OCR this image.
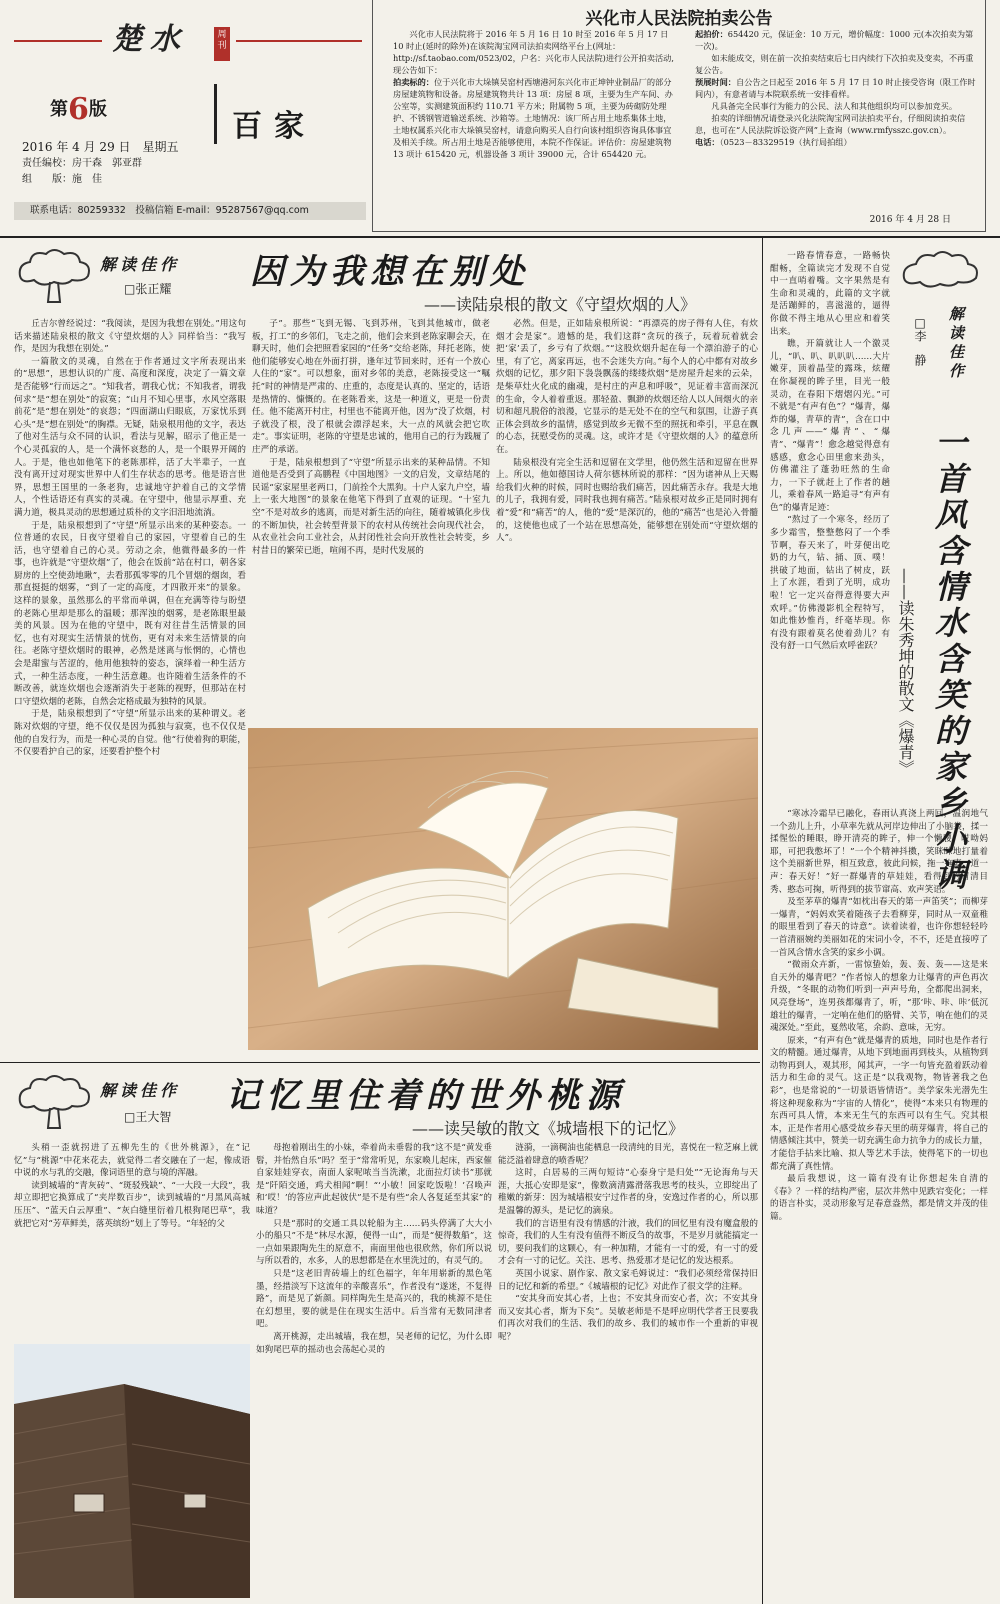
楚水	周刊
第6版	百家
2016 年 4 月 29 日　星期五
责任编校：房干森　郭亚群
组　　版：施　佳
联系电话：80259332　投稿信箱 E-mail：95287567@qq.com
兴化市人民法院拍卖公告
兴化市人民法院将于 2016 年 5 月 16 日 10 时至 2016 年 5 月 17 日 10 时止(延时的除外)在该院淘宝网司法拍卖网络平台上(网址：http://sf.taobao.com/0523/02，户名：兴化市人民法院)进行公开拍卖活动,现公告如下：
拍卖标的：位于兴化市大垛镇吴窑村西塘港河东兴化市正坤钟业制品厂的部分房屋建筑物和设备。房屋建筑物共计 13 项：房屋 8 项，主要为生产车间、办公室等，实测建筑面积约 110.71 平方米；附属物 5 项，主要为砖砌防处理护、不锈钢管道输送系统、沙箱等。土地情况：该厂所占用土地系集体土地，土地权属系兴化市大垛镇吴窑村，请意向购买人自行向该村组织咨询具体事宜及相关手续。所占用土地是否能够使用，本院不作保证。评估价：房屋建筑物 13 项计 615420 元，机器设备 3 项计 39000 元，合计 654420 元。
起拍价：654420 元，保证金：10 万元，增价幅度：1000 元(本次拍卖为第一次)。
如未能成交，则在前一次拍卖结束后七日内续行下次拍卖及变卖，不再重复公告。
预展时间：自公告之日起至 2016 年 5 月 17 日 10 时止接受咨询（限工作时间内），有意者请与本院联系统一安排看样。
凡具备完全民事行为能力的公民、法人和其他组织均可以参加竞买。
拍卖的详细情况请登录兴化法院淘宝网司法拍卖平台，仔细阅读拍卖信息，也可在“人民法院诉讼资产网”上查询（www.rmfysszc.gov.cn）。
电话：（0523－83329519（执行局拍组）
2016 年 4 月 28 日
解读佳作
□张正耀 因为我想在别处
——读陆泉根的散文《守望炊烟的人》

丘吉尔曾经说过：“我阅读，是因为我想在别处。”用这句话来描述陆泉根的散文《守望炊烟的人》同样恰当：“我写作，是因为我想在别处。”

一篇散文的灵魂，自然在于作者通过文字所表现出来的“思想”，思想认识的广度、高度和深度，决定了一篇文章是否能够“行而远之”。“知我者，谓我心忧；不知我者，谓我何求”是“想在别处”的寂寞；“山月不知心里事，水风空落眼前花”是“想在别处”的哀怨；“四面湖山归眼底，万家忧乐到心头”是“想在别处”的胸襟。无疑，陆泉根用他的文字，表达了他对生活与众不同的认识，看法与见解，昭示了他正是一个心灵孤寂的人，是一个满怀哀愁的人，是一个眼界开阔的人。于是，他也如他笔下的老陈那样，活了大半辈子，一直没有离开过对现实世界中人们生存状态的思考。他是语言世界，思想王国里的一条老狗，忠诚地守护着自己的文学情人，个性话语还有真实的灵魂。在守望中，他显示厚重、充满力道，极具灵动的思想通过质朴的文字汨汨地流淌。

于是，陆泉根想到了“守望”所显示出来的某种姿态。一位普通的农民，日夜守望着自己的家园，守望着自己的生活，也守望着自己的心灵。劳动之余，他微得最多的一件事，也许就是“守望炊烟”了，他会在饭前“站在村口，朝各家厨房的上空使劲地瞅”，去看那孤零零的几个冒烟的烟囱，看那直挺挺的烟雾，“到了一定的高度，才四散开来”的景象。这样的景象，虽然那么的平常而单调，但在充满等待与盼望的老陈心里却是那么的温暖；那浑浊的烟雾，是老陈眼里最美的风景。因为在他的守望中，既有对往昔生活情景的回忆，也有对现实生活情景的忧伤，更有对未来生活情景的向往。老陈守望炊烟时的眼神，必然是迷离与怅惘的，心情也会是甜蜜与苦涩的，他用他独特的姿态，演绎着一种生活方式，一种生活态度，一种生活意趣。也许随着生活条件的不断改善，就连炊烟也会逐渐消失于老陈的视野，但那站在村口守望炊烟的老陈，自然会定格成最为独特的风景。

于是，陆泉根想到了“守望”所显示出来的某种谓义。老陈对炊烟的守望，绝不仅仅是因为孤独与寂寞，也不仅仅是他的自发行为，而是一种心灵的自觉。他“行使着狗的职能，不仅要看护自己的家，还要看护整个村

子”。那些“飞到无锡、飞到苏州，飞到其他城市，做老板，打工”的乡邻们，飞走之前，他们会来到老陈家聊会天，在聊天时，他们会把照看家园的“任务”交给老陈，拜托老陈，使他们能够安心地在外面打拼，逢年过节回来时，还有一个放心人住的“家”。可以想象，面对乡邻的美意，老陈接受这一“嘱托”时的神情是严肃的、庄重的，态度是认真的、坚定的，话语是热情的、慷慨的。在老陈看来，这是一种道义，更是一份责任。他不能离开村庄，村里也不能离开他，因为“没了炊烟，村子就没了根，没了根就会漂浮起来，大一点的风就会把它吹走”。事实证明，老陈的守望是忠诚的，他用自己的行为践履了庄严的承诺。

于是，陆泉根想到了“守望”所显示出来的某种品情。不知道他是否受到了高鹏程《中国地图》一文的启发，文章结尾的民谣“家家屋里老两口，门前拴个大黑狗。十户人家九户空，墙上一张大地图”的景象在他笔下得到了直观的证现。“十室九空”不是对故乡的逃离，而是对新生活的向往，随着城镇化步伐的不断加快，社会转型背景下的农村从传统社会向现代社会，从农业社会向工业社会，从封闭性社会向开放性社会转变，乡村昔日的繁荣已逝，喧闹不再，是时代发展的

必然。但是，正如陆泉根所说：“再漂亮的房子得有人住，有炊烟才会是家”。遗憾的是，我们这群“贪玩的孩子，玩着玩着就会把‘家’丢了，乡亏有了炊烟。”“这股炊烟升起在每一个漂泊游子的心里，有了它，离家再远，也不会迷失方向。”每个人的心中都有对故乡炊烟的记忆，那夕阳下袅袅飘荡的缕缕炊烟”是房屋升起来的云朵，是柴草灶火化成的幽魂，是村庄的声息和呼吸”，见证着丰富而深沉的生命，令人着着重返。那轻盈、飘渺的炊烟还给人以人间烟火的亲切和超凡脱俗的浪漫，它显示的是无处不在的空气和氛围，让游子真正体会到故乡的温情，感觉到故乡无微不至的照抚和牵引，平息在飘的心态，抚慰受伤的灵魂。这，或许才是《守望炊烟的人》的蕴意所在。

陆泉根没有完全生活和逗留在文学里，他仍然生活和逗留在世界上。所以，他如德国诗人荷尔德林所说的那样：“因为诸神从上天赐给我们火种的时候，同时也赐给我们痛苦，因此痛苦永存。我是大地的儿子，我拥有爱，同时我也拥有痛苦。”陆泉根对故乡正是同时拥有着“爱”和“痛苦”的人，他的“爱”是深沉的，他的“痛苦”也是沁入骨髓的，这使他也成了一个站在思想高处，能够想在别处而“守望炊烟的人”。

解读佳作
□王大智
记忆里住着的世外桃源
——读吴敏的散文《城墙根下的记忆》

头稍一歪就拐进了五柳先生的《世外桃源》，在“记忆”与“桃源”中花来花去，就觉得二者交融在了一起，像成语中说的水与乳的交融，像词语里的意与境的浑融。

读到城墙的“青灰砖”、“斑驳残缺”、“一大段一大段”，我却立即把它换算成了“夹岸数百步”，读到城墙的“月黑风高城压压”、“蓝天白云厚重”、“灰白缝里衍着几根狗尾巴草”，我就把它对“芳草鲜美，落英缤纷”划上了等号。“年轻的父

母抱着刚出生的小妹，牵着尚未垂髫的我”这不是“黄发垂髫，并怡然自乐”吗？至于“常常听见，东家喚儿起床，西家催自家娃娃穿衣，南面人家呢哝当当洗漱，北面拉灯读书”那就是“阡陌交通，鸡犬相闻”啊！“‘小敏！回家吃饭啦！’召唤声和‘哎！’的答应声此起彼伏”是不是有些“余人各复延至其家”的味道？

只是“那时的交通工具以轮船为主……码头停满了大大小小的船只”不是“林尽水源，便得一山”，而是“便得数船”，这一点如果跟陶先生的原意不，南面里他也很欣然，你们所以说与所以看的，水多，人的思想都是在水里洗过的，有灵气的。

只是“这老旧青砖墙上的红色福字，年年用崭新的黑色笔墨，经措淡写下这流年的幸酸喜乐”，作者没有“遂迷，不复得路”，而是见了新颜。同样陶先生是高兴的，我的桃源不是住在幻想里，要的就是住在现实生活中。后当常有无数同津者吧。

离开桃源，走出城墙，我在想，吴老师的记忆，为什么即如狗尾巴草的摇动也会荡起心灵的

涟漪，一滴稠油也能栖息一段清纯的目光，喜悦在一粒芝麻上就能泛溢着肆意的喷香呢？

这时，白居易的三两句短诗“心泰身宁是归处”“无论海角与天涯，大抵心安即是家”，像数滴清露滑落我思考的枝头，立即绽出了稚嫩的新芽：因为城墙根安宁过作者的身，安逸过作者的心，所以那是温馨的源头，是记忆的滴泉。

我们的言语里有没有情感的汁液，我们的回忆里有没有魔盒般的惊奇，我们的人生有没有值得不断反刍的故事，不是岁月就能搞定一切，要问我们的这颗心，有一种加精，才能有一寸的爱，有一寸的爱才会有一寸的记忆。关注、思考、热爱那才是记忆的发达根系。

英国小说家、剧作家、散文家毛姆说过：“我们必须经常保持旧日的记忆和新的希望。”《城墙根的记忆》对此作了很文学的注释。

“安其身而安其心者，上也；不安其身而安心者，次；不安其身而又安其心者，斯为下矣”。吴敏老师是不是呼应明代学者王艮要我们再次对我们的生活、我们的故乡、我们的城市作一个重新的审视呢？

解读佳作
□李　静
一首风含情水含笑的家乡小调
——读朱秀坤的散文《爆青》

一路春情春意，一路畅快酣畅，全篇读完才发现不自觉中一直哨着嘴。文字果然是有生命和灵魂的，此篇的文字就是活蹦鲜的，喜滋滋的，逼得你做不得主地从心里应和着笑出来。

瞧，开篇就让人一个激灵儿，“叭、叭、叭叭叭……大片嫩芽，顶着晶莹的露珠，炫耀在你凝视的眸子里，目光一般灵动，在春阳下熠熠闪光。”可不就是“有声有色”？“爆青，爆炸的爆，青草的青”，含在口中念几声——“爆青”、“爆青”、“爆青”！愈念越觉得意有感感，愈念心田里愈来劲头，仿佛灌注了蓬勃旺然的生命力，一下子就赶上了作者的趟儿，乘着春风一路追寻“有声有色”的爆青足迹：

“熬过了一个寒冬，经历了多少霜雪，整整憋闷了一个季节啊，春天来了，叶芽便出吃奶的力气，钻、捅、顶、噗！拱破了地面，钻出了树皮，跃上了水涯，看到了光明，成功啦！它一定兴奋得意得要大声欢呼。”仿佛漫影机全程特写，如此惟妙惟肖，纤毫毕现。你有没有跟着莫名使着劲儿？有没有舒一口气然后欢呼雀跃？

“寒冰冷霜早已融化，春雨认真浇上两回，温润地气一个劲儿上升，小草率先就从河岸边伸出了小脑袋，揉一揉惺忪的睡眼，睁开清亮的眸子，伸一个懒腰，哎呦妈耶，可把我憋坏了！”一个个精神抖擞，笑眯眯地打量着这个美丽新世界，相互致意，彼此问候，拖一拖妻，道一声：春天好！”好一群爆青的草娃娃，看得到的眉清目秀、憨态可掬，听得到的拔节窜高、欢声笑语。

及至茅草的爆青“如枕出春天的第一声笛笑”；而柳芽一爆青，“妈妈欢笑着随孩子去看柳芽，同时从一双童稚的眼里看到了春天的诗意”。读着读着，也许你想轻轻吟一首清丽婉约美丽如花的宋词小令，不不，还是直接哼了一首风含情水含笑的家乡小调。

“微雨众卉新，一雷惊蛰始，轰、轰、轰——这是来自天外的爆青吧？”作者惊人的想象力让爆青的声色再次升级，“冬眠的动物们听到一声声号角，全都爬出洞来，风亮登场”，连男孩都爆青了，听，“那‘咔、咔、咔’低沉雄壮的爆青，一定响在他们的胳臂、关节，响在他们的灵魂深处。”至此，戛然收笔，余韵、意味，无穷。

原来，“有声有色”就是爆青的质地，同时也是作者行文的精髓。通过爆青，从地下到地面再到枝头，从植物到动物再到人，观其形，闻其声，一字一句皆充盈着跃动着活力和生命的灵气。这正是“以我观物，物皆著我之色彩”，也是常说的“一切景语皆情语”。美学家朱光潜先生将这种现象称为“宇宙的人情化”，使得“本来只有物理的东西可具人情，本来无生气的东西可以有生气。究其根本，正是作者用心感受故乡春天里的萌芽爆青，将自己的情感倾注其中，赞美一切充满生命力抗争力的成长力量，才能信手拈来比喻、拟人等艺术手法，使得笔下的一切也都充满了真性情。

最后我想说，这一篇有没有让你想起朱自清的《春》？一样的结构严密，层次井然中见跌宕变化；一样的语言朴实，灵动形象写足春意盎然，都是情文并茂的佳篇。
